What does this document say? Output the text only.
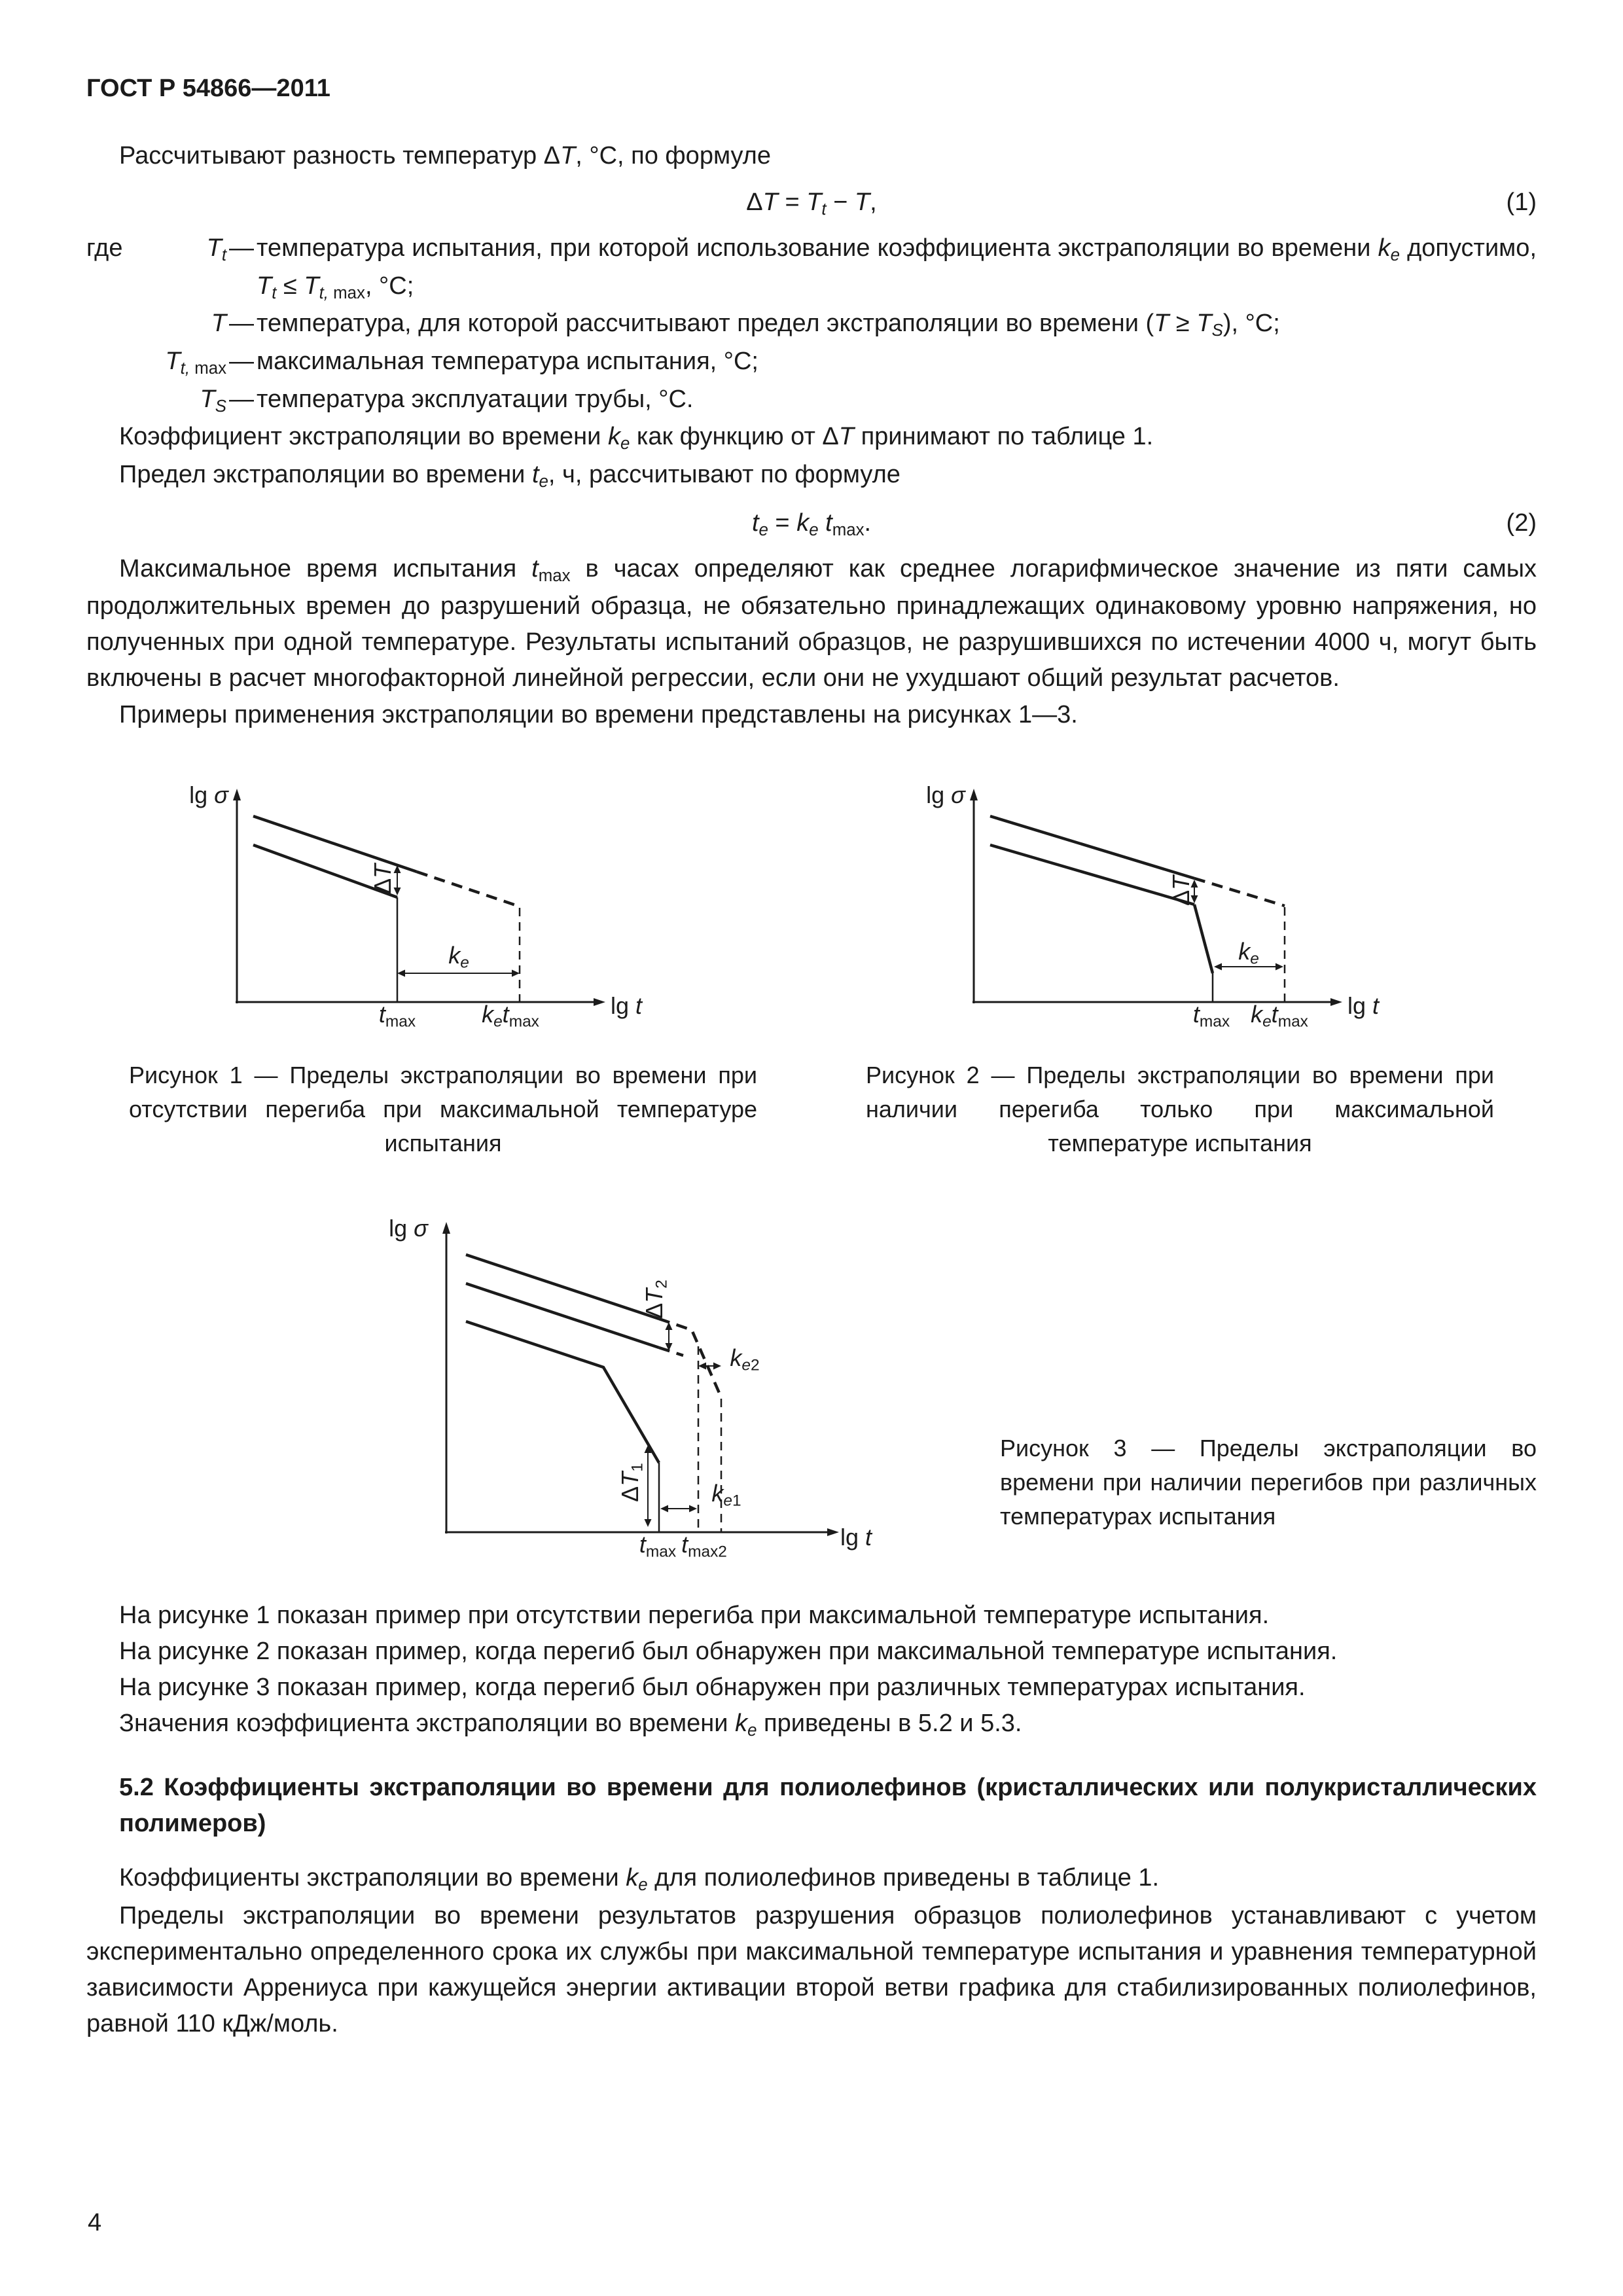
ГОСТ Р 54866—2011

Рассчитывают разность температур ΔT, °С, по формуле

ΔT = Tt − T,	(1)
где	Tt — температура испытания, при которой использование коэффициента экстраполяции во времени ke допустимо, Tt ≤ Tt, max, °С;
T — температура, для которой рассчитывают предел экстраполяции во времени (T ≥ TS), °С;
Tt, max — максимальная температура испытания, °С;
TS — температура эксплуатации трубы, °С.

Коэффициент экстраполяции во времени ke как функцию от ΔT принимают по таблице 1.

Предел экстраполяции во времени te, ч, рассчитывают по формуле

te = ke tmax.	(2)

Максимальное время испытания tmax в часах определяют как среднее логарифмическое значение из пяти самых продолжительных времен до разрушений образца, не обязательно принадлежащих одинаковому уровню напряжения, но полученных при одной температуре. Результаты испытаний образцов, не разрушившихся по истечении 4000 ч, могут быть включены в расчет многофакторной линейной регрессии, если они не ухудшают общий результат расчетов.

Примеры применения экстраполяции во времени представлены на рисунках 1—3.

lg σ
lg t
ΔT
ke
tmax	ketmax
Рисунок 1 — Пределы экстраполяции во времени при отсутствии перегиба при максимальной температуре испытания
lg σ
lg t
ΔT
ke
tmax ketmax
Рисунок 2 — Пределы экстраполяции во времени при наличии перегиба только при максимальной температуре испытания
lg σ
lg t
ΔT2
ke2
ΔT1
ke1
tmax tmax2
Рисунок 3 — Пределы экстраполяции во времени при наличии перегибов при различных температурах испытания

На рисунке 1 показан пример при отсутствии перегиба при максимальной температуре испытания.

На рисунке 2 показан пример, когда перегиб был обнаружен при максимальной температуре испытания.

На рисунке 3 показан пример, когда перегиб был обнаружен при различных температурах испытания.

Значения коэффициента экстраполяции во времени ke приведены в 5.2 и 5.3.

5.2 Коэффициенты экстраполяции во времени для полиолефинов (кристаллических или полукристаллических полимеров)

Коэффициенты экстраполяции во времени ke для полиолефинов приведены в таблице 1.

Пределы экстраполяции во времени результатов разрушения образцов полиолефинов устанавливают с учетом экспериментально определенного срока их службы при максимальной температуре испытания и уравнения температурной зависимости Аррениуса при кажущейся энергии активации второй ветви графика для стабилизированных полиолефинов, равной 110 кДж/моль.

4
